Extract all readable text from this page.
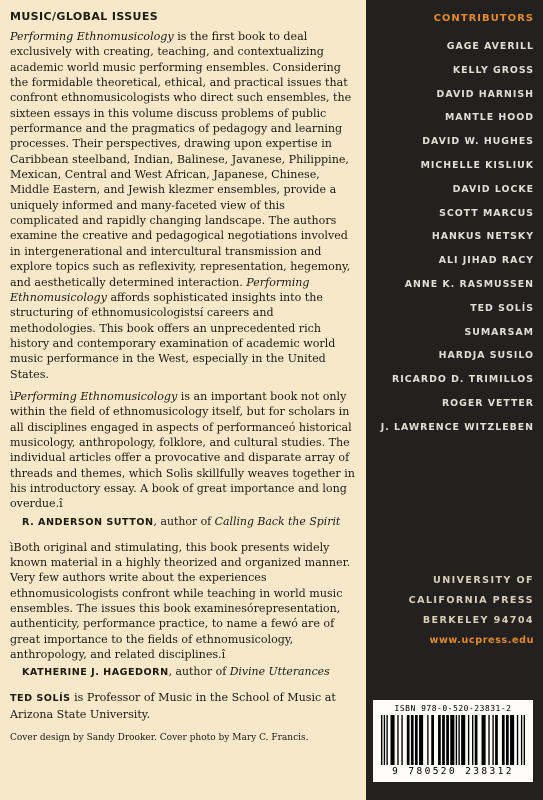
MUSIC/GLOBAL ISSUES

Performing Ethnomusicology is the first book to deal exclusively with creating, teaching, and contextualizing academic world music performing ensembles. Considering the formidable theoretical, ethical, and practical issues that confront ethnomusicologists who direct such ensembles, the sixteen essays in this volume discuss problems of public performance and the pragmatics of pedagogy and learning processes. Their perspectives, drawing upon expertise in Caribbean steelband, Indian, Balinese, Javanese, Philippine, Mexican, Central and West African, Japanese, Chinese, Middle Eastern, and Jewish klezmer ensembles, provide a uniquely informed and many-faceted view of this complicated and rapidly changing landscape. The authors examine the creative and pedagogical negotiations involved in intergenerational and intercultural transmission and explore topics such as reflexivity, representation, hegemony, and aesthetically determined interaction. Performing Ethnomusicology affords sophisticated insights into the structuring of ethnomusicologistsí careers and methodologies. This book offers an unprecedented rich history and contemporary examination of academic world music performance in the West, especially in the United States.

ìPerforming Ethnomusicology is an important book not only within the field of ethnomusicology itself, but for scholars in all disciplines engaged in aspects of performanceó historical musicology, anthropology, folklore, and cultural studies. The individual articles offer a provocative and disparate array of threads and themes, which Solìs skillfully weaves together in his introductory essay. A book of great importance and long overdue.î

R. ANDERSON SUTTON, author of Calling Back the Spirit

ìBoth original and stimulating, this book presents widely known material in a highly theorized and organized manner. Very few authors write about the experiences ethnomusicologists confront while teaching in world music ensembles. The issues this book examinesórepresentation, authenticity, performance practice, to name a fewó are of great importance to the fields of ethnomusicology, anthropology, and related disciplines.î

KATHERINE J. HAGEDORN, author of Divine Utterances

TED SOLÍS is Professor of Music in the School of Music at Arizona State University.

Cover design by Sandy Drooker. Cover photo by Mary C. Francis.

CONTRIBUTORS
GAGE AVERILL
KELLY GROSS
DAVID HARNISH
MANTLE HOOD
DAVID W. HUGHES
MICHELLE KISLIUK
DAVID LOCKE
SCOTT MARCUS
HANKUS NETSKY
ALI JIHAD RACY
ANNE K. RASMUSSEN
TED SOLÍS
SUMARSAM
HARDJA SUSILO
RICARDO D. TRIMILLOS
ROGER VETTER
J. LAWRENCE WITZLEBEN
UNIVERSITY OF
CALIFORNIA PRESS
BERKELEY 94704
www.ucpress.edu
ISBN 978-0-520-23831-2
9 780520 238312
